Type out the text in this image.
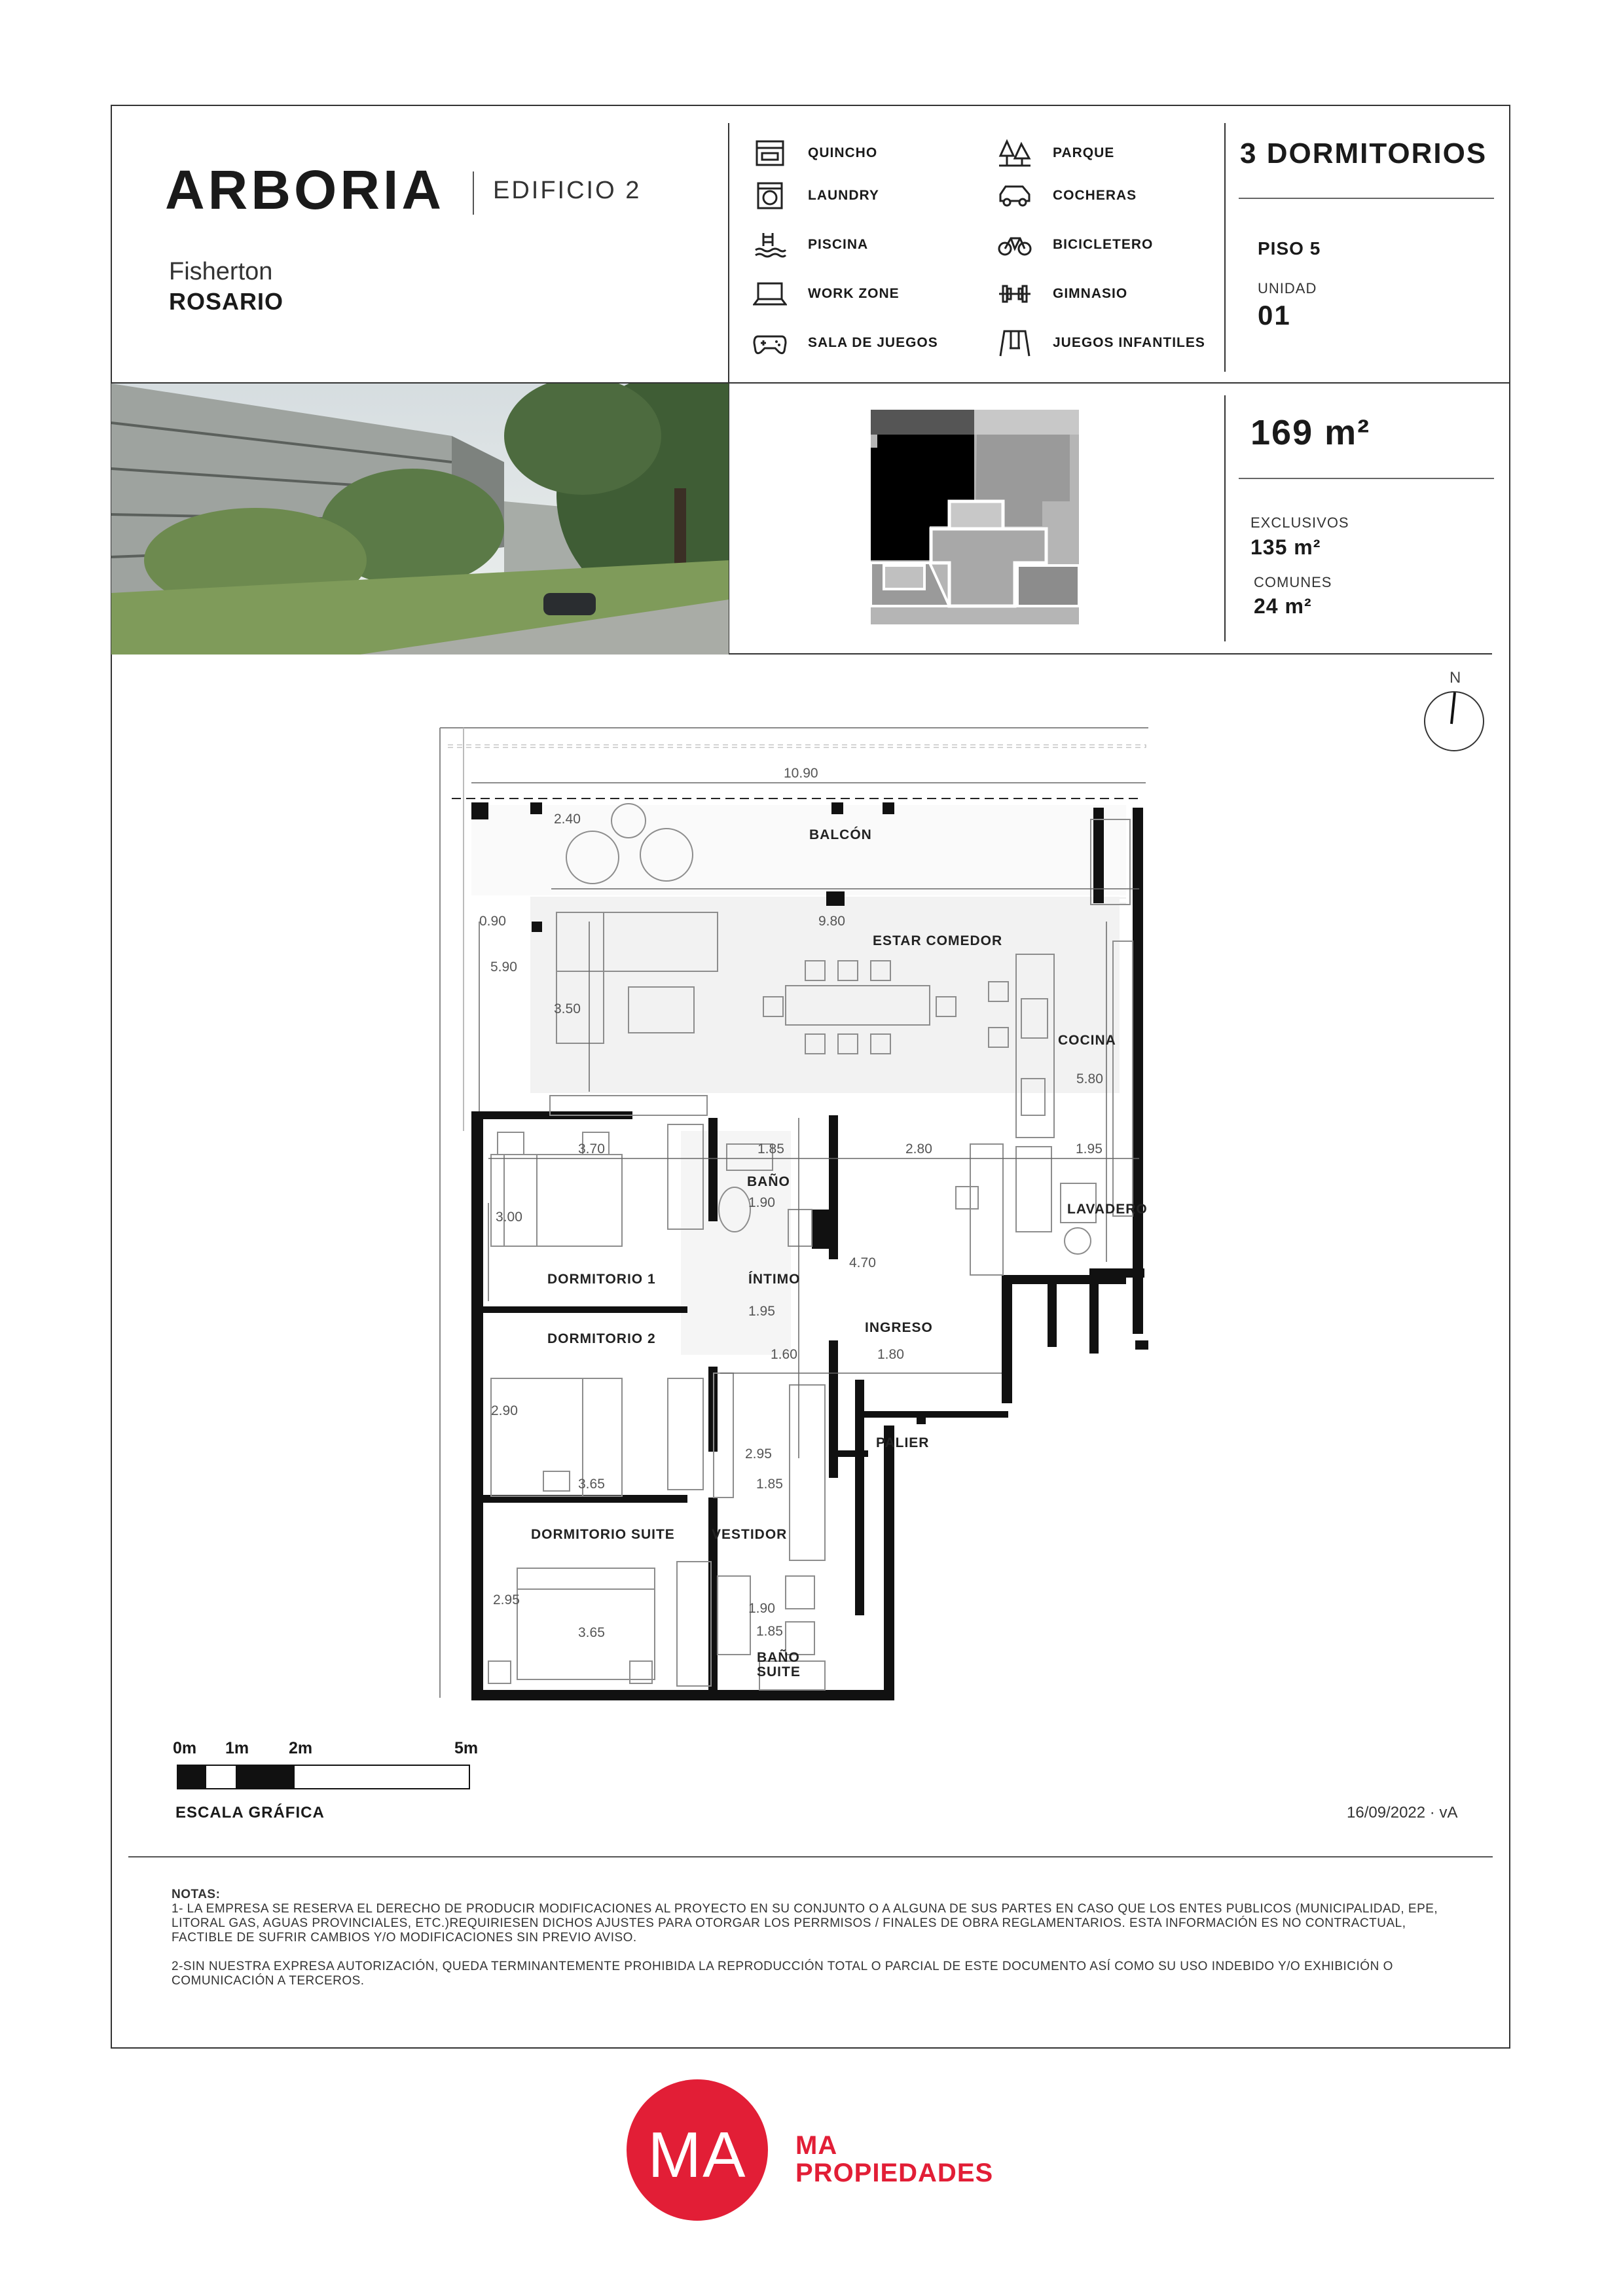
ARBORIA EDIFICIO 2
Fisherton
ROSARIO
QUINCHO	PARQUE
LAUNDRY	COCHERAS
PISCINA	BICICLETERO
WORK ZONE	GIMNASIO
SALA DE JUEGOS	JUEGOS INFANTILES
3 DORMITORIOS
PISO 5
UNIDAD
01
169 m²
EXCLUSIVOS
135 m²
COMUNES
24 m²
N
BALCÓN
ESTAR COMEDOR
COCINA
BAÑO
LAVADERO
DORMITORIO 1	ÍNTIMO
DORMITORIO 2
INGRESO
PALIER
DORMITORIO SUITE	VESTIDOR
BAÑO
SUITE
10.90
2.40
9.80
0.90
5.90
3.50
5.80
3.70	1.85	2.80	1.95
3.00
1.90
4.70
1.95
1.60	1.80
2.90
3.65
2.95
1.85
2.95
3.65
1.90
1.85
0m 1m 2m	5m
ESCALA GRÁFICA	16/09/2022 · vA
NOTAS:
1- LA EMPRESA SE RESERVA EL DERECHO DE PRODUCIR MODIFICACIONES AL PROYECTO EN SU CONJUNTO O A ALGUNA DE SUS PARTES EN CASO QUE LOS ENTES PUBLICOS (MUNICIPALIDAD, EPE, LITORAL GAS, AGUAS PROVINCIALES, ETC.)REQUIRIESEN DICHOS AJUSTES PARA OTORGAR LOS PERRMISOS / FINALES DE OBRA REGLAMENTARIOS. ESTA INFORMACIÓN ES NO CONTRACTUAL, FACTIBLE DE SUFRIR CAMBIOS Y/O MODIFICACIONES SIN PREVIO AVISO.
2-SIN NUESTRA EXPRESA AUTORIZACIÓN, QUEDA TERMINANTEMENTE PROHIBIDA LA REPRODUCCIÓN TOTAL O PARCIAL DE ESTE DOCUMENTO ASÍ COMO SU USO INDEBIDO Y/O EXHIBICIÓN O COMUNICACIÓN A TERCEROS.
MA	MA
PROPIEDADES
